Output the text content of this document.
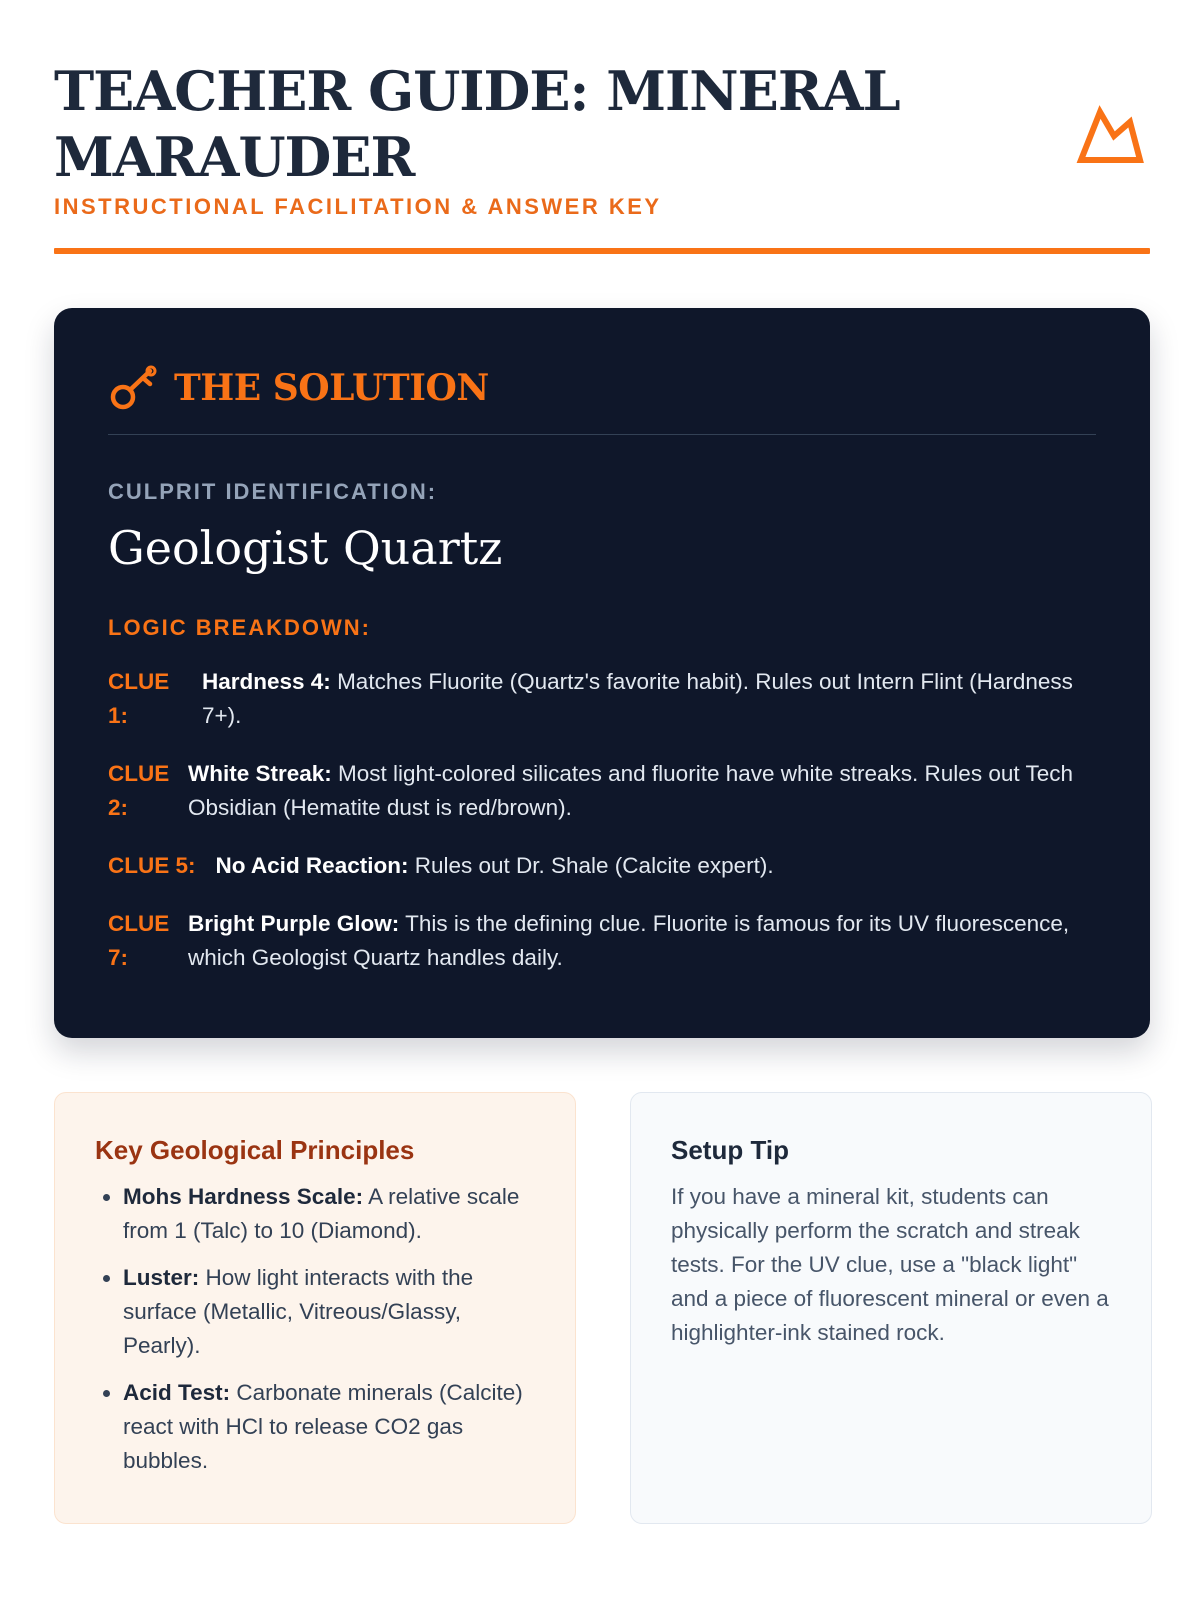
TEACHER GUIDE: MINERAL MARAUDER
INSTRUCTIONAL FACILITATION & ANSWER KEY
THE SOLUTION
CULPRIT IDENTIFICATION:
Geologist Quartz
LOGIC BREAKDOWN:
CLUE 1:
Hardness 4: Matches Fluorite (Quartz's favorite habit). Rules out Intern Flint (Hardness 7+).
CLUE 2:
White Streak: Most light-colored silicates and fluorite have white streaks. Rules out Tech Obsidian (Hematite dust is red/brown).
CLUE 5: No Acid Reaction: Rules out Dr. Shale (Calcite expert).
CLUE 7:
Bright Purple Glow: This is the defining clue. Fluorite is famous for its UV fluorescence, which Geologist Quartz handles daily.
Key Geological Principles
• Mohs Hardness Scale: A relative scale from 1 (Talc) to 10 (Diamond).
• Luster: How light interacts with the surface (Metallic, Vitreous/Glassy, Pearly).
• Acid Test: Carbonate minerals (Calcite) react with HCl to release CO2 gas bubbles.
Setup Tip

If you have a mineral kit, students can physically perform the scratch and streak tests. For the UV clue, use a "black light" and a piece of fluorescent mineral or even a highlighter-ink stained rock.
